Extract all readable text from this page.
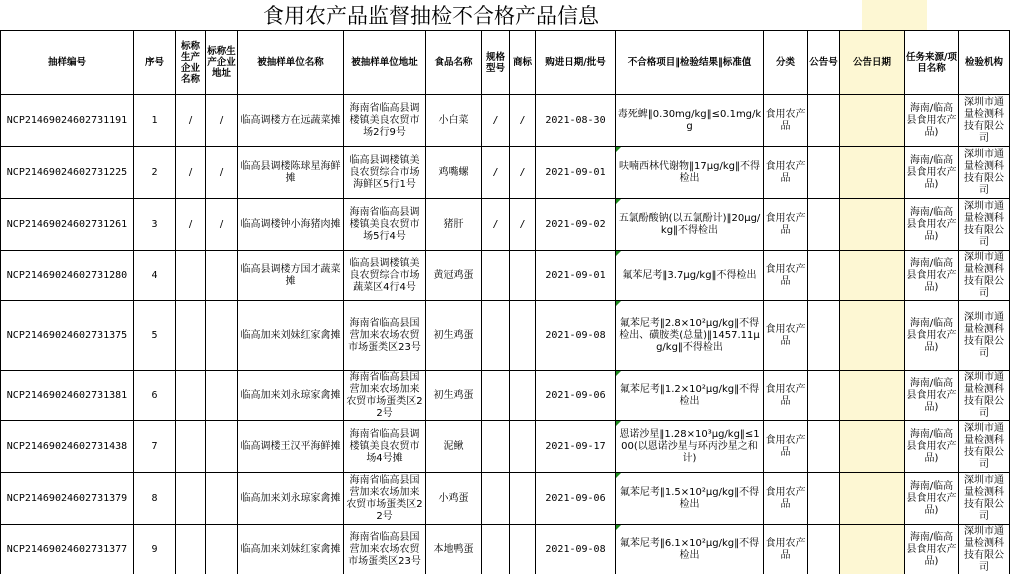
食用农产品监督抽检不合格产品信息
抽样编号	序号	标称生产企业名称	标称生产企业地址	被抽样单位名称	被抽样单位地址	食品名称	规格型号	商标	购进日期/批号	不合格项目‖检验结果‖标准值	分类	公告号	公告日期	任务来源/项目名称	检验机构
NCP21469024602731191	1	/	/	临高调楼方在远蔬菜摊	海南省临高县调楼镇美良农贸市场2行9号	小白菜	/	/	2021-08-30	毒死蜱‖0.30mg/kg‖≤0.1mg/kg	食用农产品			海南/临高县食用农产品)	深圳市通量检测科技有限公司
NCP21469024602731225	2	/	/	临高县调楼陈球星海鲜摊	临高县调楼镇美良农贸综合市场海鲜区5行1号	鸡嘴螺	/	/	2021-09-01	呋喃西林代谢物‖17μg/kg‖不得检出	食用农产品			海南/临高县食用农产品)	深圳市通量检测科技有限公司
NCP21469024602731261	3	/	/	临高调楼钟小海猪肉摊	海南省临高县调楼镇美良农贸市场5行4号	猪肝	/	/	2021-09-02	五氯酚酸钠(以五氯酚计)‖20μg/kg‖不得检出	食用农产品			海南/临高县食用农产品)	深圳市通量检测科技有限公司
NCP21469024602731280	4			临高县调楼方国才蔬菜摊	临高县调楼镇美良农贸综合市场蔬菜区4行4号	黄冠鸡蛋			2021-09-01	氟苯尼考‖3.7μg/kg‖不得检出	食用农产品			海南/临高县食用农产品)	深圳市通量检测科技有限公司
NCP21469024602731375	5			临高加来刘妹红家禽摊	海南省临高县国营加来农场农贸市场蛋类区23号	初生鸡蛋			2021-09-08	氟苯尼考‖2.8×10²μg/kg‖不得检出、磺胺类(总量)‖1457.11μg/kg‖不得检出	食用农产品			海南/临高县食用农产品)	深圳市通量检测科技有限公司
NCP21469024602731381	6			临高加来刘永琼家禽摊	海南省临高县国营加来农场加来农贸市场蛋类区22号	初生鸡蛋			2021-09-06	氟苯尼考‖1.2×10²μg/kg‖不得检出	食用农产品			海南/临高县食用农产品)	深圳市通量检测科技有限公司
NCP21469024602731438	7			临高调楼王汉平海鲜摊	海南省临高县调楼镇美良农贸市场4号摊	泥鳅			2021-09-17	恩诺沙星‖1.28×10³μg/kg‖≤100(以恩诺沙星与环丙沙星之和计)	食用农产品			海南/临高县食用农产品)	深圳市通量检测科技有限公司
NCP21469024602731379	8			临高加来刘永琼家禽摊	海南省临高县国营加来农场加来农贸市场蛋类区22号	小鸡蛋			2021-09-06	氟苯尼考‖1.5×10²μg/kg‖不得检出	食用农产品			海南/临高县食用农产品)	深圳市通量检测科技有限公司
NCP21469024602731377	9			临高加来刘妹红家禽摊	海南省临高县国营加来农场农贸市场蛋类区23号	本地鸭蛋			2021-09-08	氟苯尼考‖6.1×10²μg/kg‖不得检出	食用农产品			海南/临高县食用农产品)	深圳市通量检测科技有限公司
